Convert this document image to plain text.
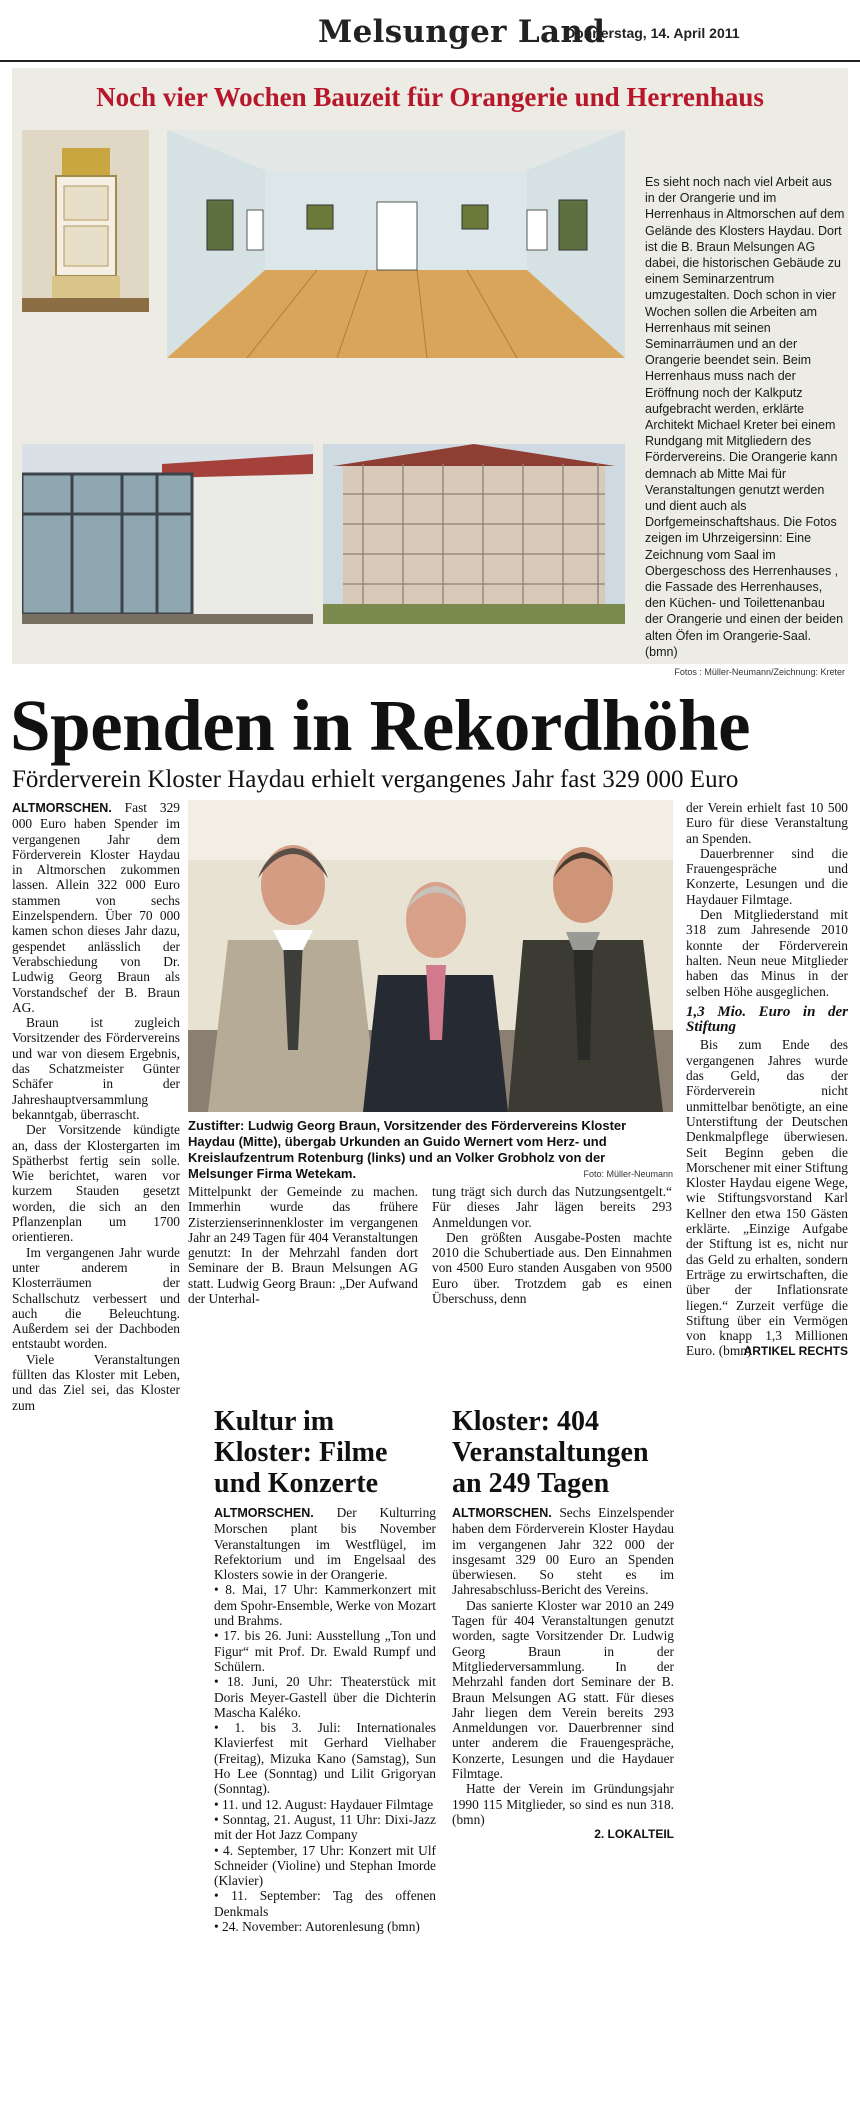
Melsunger Land
Donnerstag, 14. April 2011
Noch vier Wochen Bauzeit für Orangerie und Herrenhaus
Es sieht noch nach viel Arbeit aus in der Orangerie und im Herrenhaus in Altmorschen auf dem Gelände des Klosters Haydau. Dort ist die B. Braun Melsungen AG dabei, die historischen Gebäude zu einem Seminarzentrum umzugestalten. Doch schon in vier Wochen sollen die Arbeiten am Herrenhaus mit seinen Seminarräumen und an der Orangerie beendet sein. Beim Herrenhaus muss nach der Eröffnung noch der Kalkputz aufgebracht werden, erklärte Architekt Michael Kreter bei einem Rundgang mit Mitgliedern des Fördervereins. Die Orangerie kann demnach ab Mitte Mai für Veranstaltungen genutzt werden und dient auch als Dorfgemeinschaftshaus. Die Fotos zeigen im Uhrzeigersinn: Eine Zeichnung vom Saal im Obergeschoss des Herrenhauses , die Fassade des Herrenhauses, den Küchen- und Toilettenanbau der Orangerie und einen der beiden alten Öfen im Orangerie-Saal. (bmn)
Fotos : Müller-Neumann/Zeichnung: Kreter
Spenden in Rekordhöhe
Förderverein Kloster Haydau erhielt vergangenes Jahr fast 329 000 Euro

ALTMORSCHEN. Fast 329 000 Euro haben Spender im vergangenen Jahr dem Förderverein Kloster Haydau in Altmorschen zukommen lassen. Allein 322 000 Euro stammen von sechs Einzelspendern. Über 70 000 kamen schon dieses Jahr dazu, gespendet anlässlich der Verabschiedung von Dr. Ludwig Georg Braun als Vorstandschef der B. Braun AG.

Braun ist zugleich Vorsitzender des Fördervereins und war von diesem Ergebnis, das Schatzmeister Günter Schäfer in der Jahreshauptversammlung bekanntgab, überrascht.

Der Vorsitzende kündigte an, dass der Klostergarten im Spätherbst fertig sein solle. Wie berichtet, waren vor kurzem Stauden gesetzt worden, die sich an den Pflanzenplan um 1700 orientieren.

Im vergangenen Jahr wurde unter anderem in Klosterräumen der Schallschutz verbessert und auch die Beleuchtung. Außerdem sei der Dachboden entstaubt worden.

Viele Veranstaltungen füllten das Kloster mit Leben, und das Ziel sei, das Kloster zum

Zustifter: Ludwig Georg Braun, Vorsitzender des Fördervereins Kloster Haydau (Mitte), übergab Urkunden an Guido Wernert vom Herz- und Kreislaufzentrum Rotenburg (links) und an Volker Grobholz von der Melsunger Firma Wetekam.	Foto: Müller-Neumann

Mittelpunkt der Gemeinde zu machen. Immerhin wurde das frühere Zisterzienserinnenkloster im vergangenen Jahr an 249 Tagen für 404 Veranstaltungen genutzt: In der Mehrzahl fanden dort Seminare der B. Braun Melsungen AG statt. Ludwig Georg Braun: „Der Aufwand der Unterhal-

tung trägt sich durch das Nutzungsentgelt.“ Für dieses Jahr lägen bereits 293 Anmeldungen vor.

Den größten Ausgabe-Posten machte 2010 die Schubertiade aus. Den Einnahmen von 4500 Euro standen Ausgaben von 9500 Euro über. Trotzdem gab es einen Überschuss, denn

der Verein erhielt fast 10 500 Euro für diese Veranstaltung an Spenden.

Dauerbrenner sind die Frauengespräche und Konzerte, Lesungen und die Haydauer Filmtage.

Den Mitgliederstand mit 318 zum Jahresende 2010 konnte der Förderverein halten. Neun neue Mitglieder haben das Minus in der selben Höhe ausgeglichen.

1,3 Mio. Euro in der Stiftung

Bis zum Ende des vergangenen Jahres wurde das Geld, das der Förderverein nicht unmittelbar benötigte, an eine Unterstiftung der Deutschen Denkmalpflege überwiesen. Seit Beginn geben die Morschener mit einer Stiftung Kloster Haydau eigene Wege, wie Stiftungsvorstand Karl Kellner den etwa 150 Gästen erklärte. „Einzige Aufgabe der Stiftung ist es, nicht nur das Geld zu erhalten, sondern Erträge zu erwirtschaften, die über der Inflationsrate liegen.“ Zurzeit verfüge die Stiftung über ein Vermögen von knapp 1,3 Millionen Euro. (bmn)

ARTIKEL RECHTS
Kultur im Kloster: Filme und Konzerte

ALTMORSCHEN. Der Kulturring Morschen plant bis November Veranstaltungen im Westflügel, im Refektorium und im Engelsaal des Klosters sowie in der Orangerie.

• 8. Mai, 17 Uhr: Kammerkonzert mit dem Spohr-Ensemble, Werke von Mozart und Brahms.

• 17. bis 26. Juni: Ausstellung „Ton und Figur“ mit Prof. Dr. Ewald Rumpf und Schülern.

• 18. Juni, 20 Uhr: Theaterstück mit Doris Meyer-Gastell über die Dichterin Mascha Kaléko.

• 1. bis 3. Juli: Internationales Klavierfest mit Gerhard Vielhaber (Freitag), Mizuka Kano (Samstag), Sun Ho Lee (Sonntag) und Lilit Grigoryan (Sonntag).

• 11. und 12. August: Haydauer Filmtage

• Sonntag, 21. August, 11 Uhr: Dixi-Jazz mit der Hot Jazz Company

• 4. September, 17 Uhr: Konzert mit Ulf Schneider (Violine) und Stephan Imorde (Klavier)

• 11. September: Tag des offenen Denkmals

• 24. November: Autorenlesung (bmn)

Kloster: 404 Veranstaltungen an 249 Tagen

ALTMORSCHEN. Sechs Einzelspender haben dem Förderverein Kloster Haydau im vergangenen Jahr 322 000 der insgesamt 329 00 Euro an Spenden überwiesen. So steht es im Jahresabschluss-Bericht des Vereins.

Das sanierte Kloster war 2010 an 249 Tagen für 404 Veranstaltungen genutzt worden, sagte Vorsitzender Dr. Ludwig Georg Braun in der Mitgliederversammlung. In der Mehrzahl fanden dort Seminare der B. Braun Melsungen AG statt. Für dieses Jahr liegen dem Verein bereits 293 Anmeldungen vor. Dauerbrenner sind unter anderem die Frauengespräche, Konzerte, Lesungen und die Haydauer Filmtage.

Hatte der Verein im Gründungsjahr 1990 115 Mitglieder, so sind es nun 318. (bmn)

2. LOKALTEIL
